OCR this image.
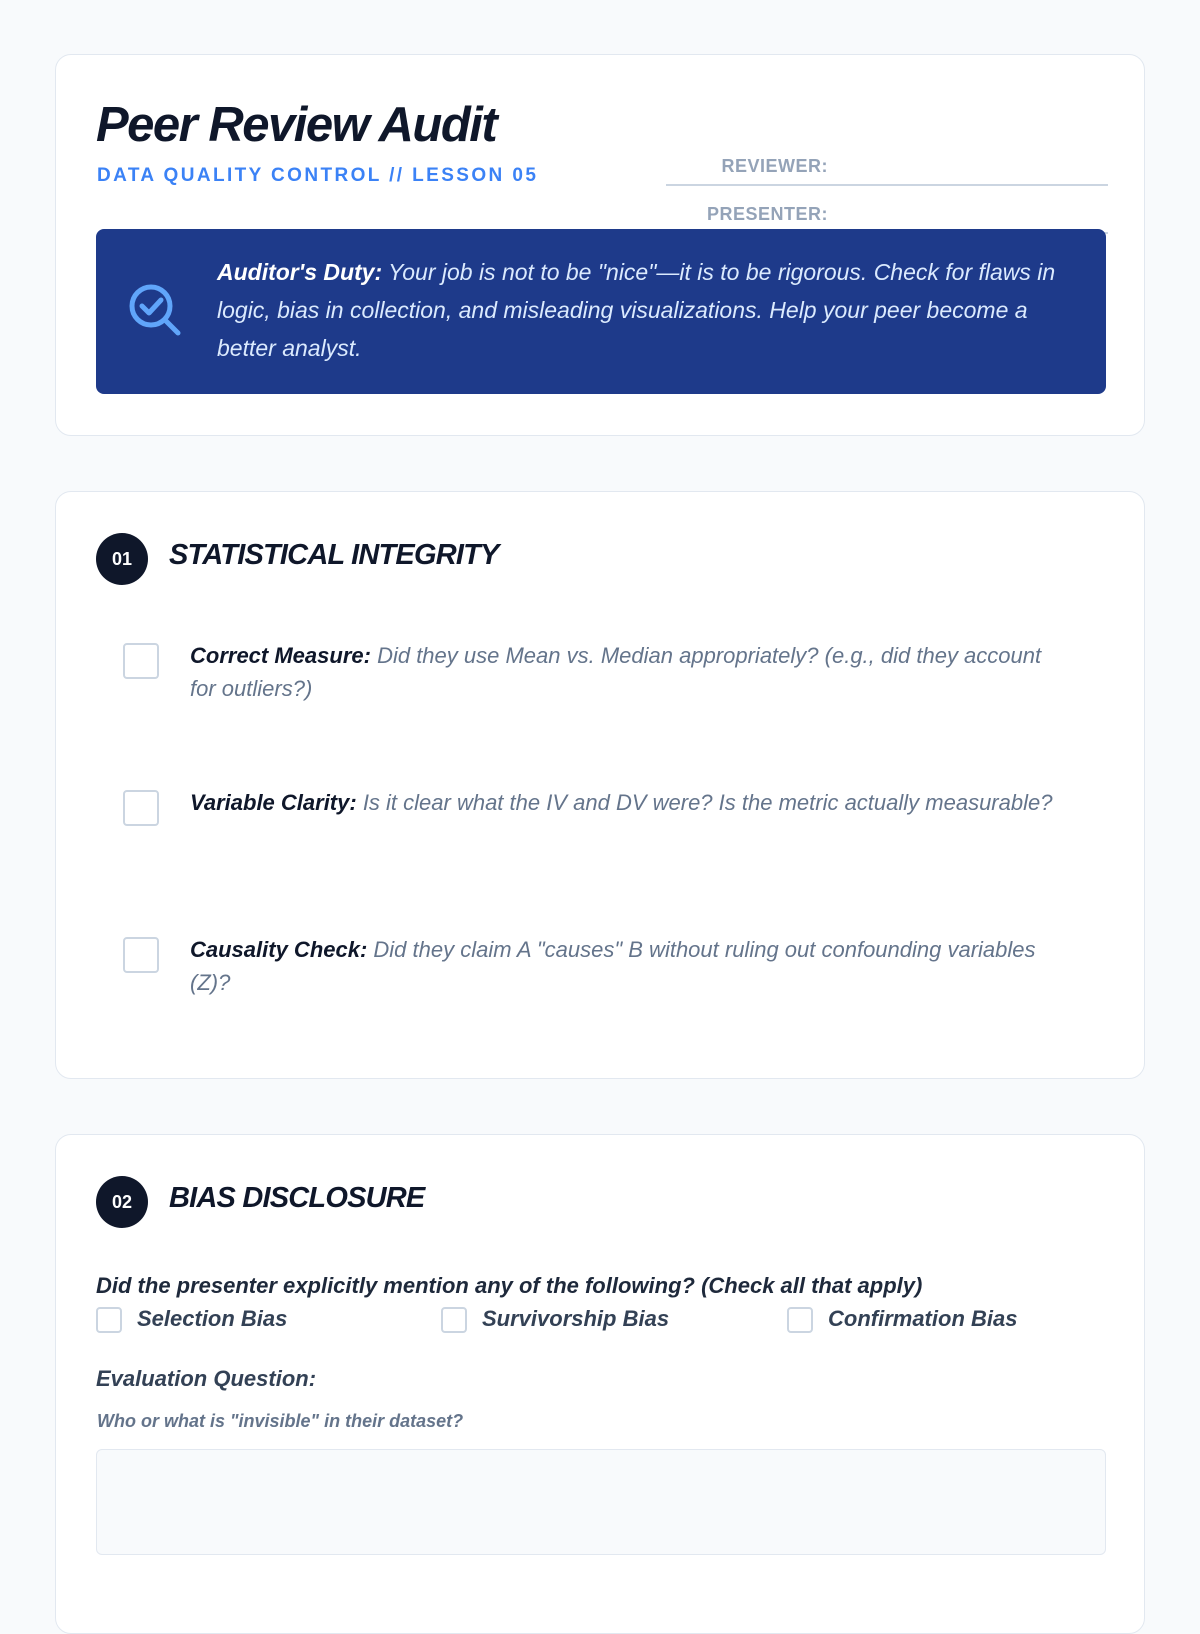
Peer Review Audit
DATA QUALITY CONTROL // LESSON 05	REVIEWER:
PRESENTER:
Auditor's Duty: Your job is not to be "nice"—it is to be rigorous. Check for flaws in logic, bias in collection, and misleading visualizations. Help your peer become a better analyst.
01	STATISTICAL INTEGRITY
Correct Measure: Did they use Mean vs. Median appropriately? (e.g., did they account for outliers?)
Variable Clarity: Is it clear what the IV and DV were? Is the metric actually measurable?
Causality Check: Did they claim A "causes" B without ruling out confounding variables (Z)?
02	BIAS DISCLOSURE
Did the presenter explicitly mention any of the following? (Check all that apply)
Selection Bias	Survivorship Bias	Confirmation Bias
Evaluation Question:
Who or what is "invisible" in their dataset?
